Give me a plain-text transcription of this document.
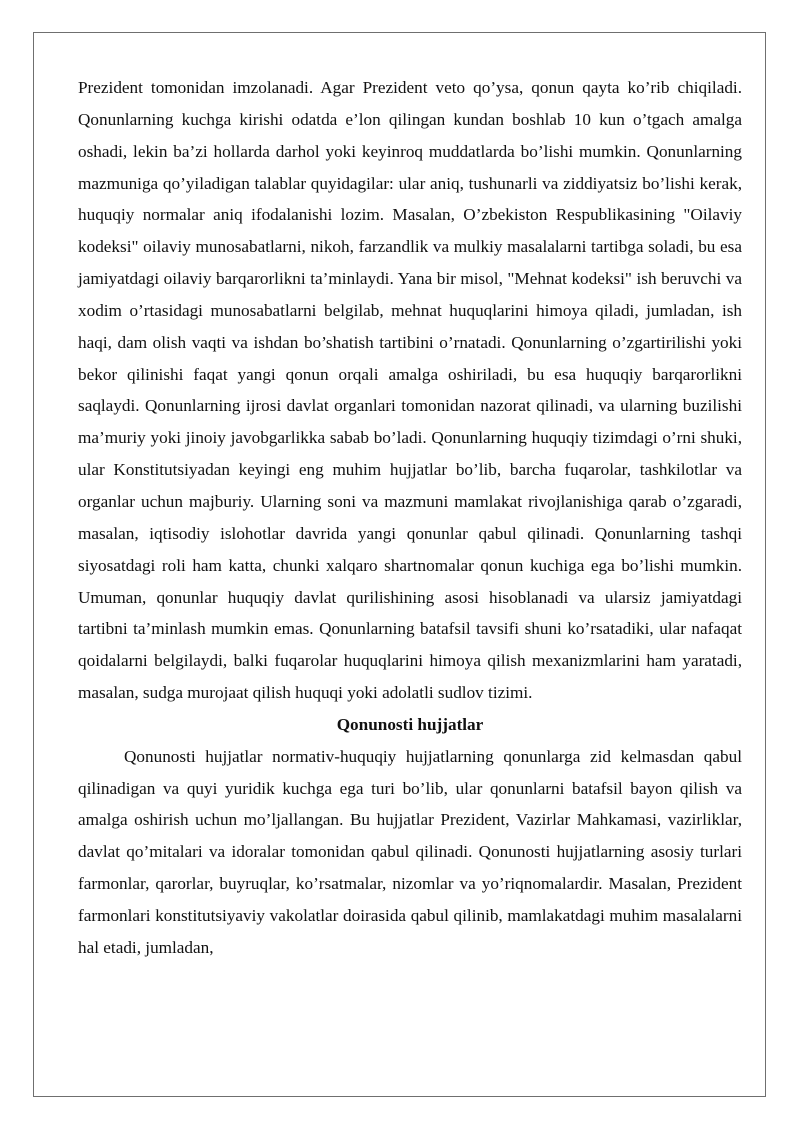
Prezident tomonidan imzolanadi. Agar Prezident veto qo’ysa, qonun qayta ko’rib chiqiladi. Qonunlarning kuchga kirishi odatda e’lon qilingan kundan boshlab 10 kun o’tgach amalga oshadi, lekin ba’zi hollarda darhol yoki keyinroq muddatlarda bo’lishi mumkin. Qonunlarning mazmuniga qo’yiladigan talablar quyidagilar: ular aniq, tushunarli va ziddiyatsiz bo’lishi kerak, huquqiy normalar aniq ifodalanishi lozim. Masalan, O’zbekiston Respublikasining "Oilaviy kodeksi" oilaviy munosabatlarni, nikoh, farzandlik va mulkiy masalalarni tartibga soladi, bu esa jamiyatdagi oilaviy barqarorlikni ta’minlaydi. Yana bir misol, "Mehnat kodeksi" ish beruvchi va xodim o’rtasidagi munosabatlarni belgilab, mehnat huquqlarini himoya qiladi, jumladan, ish haqi, dam olish vaqti va ishdan bo’shatish tartibini o’rnatadi. Qonunlarning o’zgartirilishi yoki bekor qilinishi faqat yangi qonun orqali amalga oshiriladi, bu esa huquqiy barqarorlikni saqlaydi. Qonunlarning ijrosi davlat organlari tomonidan nazorat qilinadi, va ularning buzilishi ma’muriy yoki jinoiy javobgarlikka sabab bo’ladi. Qonunlarning huquqiy tizimdagi o’rni shuki, ular Konstitutsiyadan keyingi eng muhim hujjatlar bo’lib, barcha fuqarolar, tashkilotlar va organlar uchun majburiy. Ularning soni va mazmuni mamlakat rivojlanishiga qarab o’zgaradi, masalan, iqtisodiy islohotlar davrida yangi qonunlar qabul qilinadi. Qonunlarning tashqi siyosatdagi roli ham katta, chunki xalqaro shartnomalar qonun kuchiga ega bo’lishi mumkin. Umuman, qonunlar huquqiy davlat qurilishining asosi hisoblanadi va ularsiz jamiyatdagi tartibni ta’minlash mumkin emas. Qonunlarning batafsil tavsifi shuni ko’rsatadiki, ular nafaqat qoidalarni belgilaydi, balki fuqarolar huquqlarini himoya qilish mexanizmlarini ham yaratadi, masalan, sudga murojaat qilish huquqi yoki adolatli sudlov tizimi.

Qonunosti hujjatlar

Qonunosti hujjatlar normativ-huquqiy hujjatlarning qonunlarga zid kelmasdan qabul qilinadigan va quyi yuridik kuchga ega turi bo’lib, ular qonunlarni batafsil bayon qilish va amalga oshirish uchun mo’ljallangan. Bu hujjatlar Prezident, Vazirlar Mahkamasi, vazirliklar, davlat qo’mitalari va idoralar tomonidan qabul qilinadi. Qonunosti hujjatlarning asosiy turlari farmonlar, qarorlar, buyruqlar, ko’rsatmalar, nizomlar va yo’riqnomalardir. Masalan, Prezident farmonlari konstitutsiyaviy vakolatlar doirasida qabul qilinib, mamlakatdagi muhim masalalarni hal etadi, jumladan,
